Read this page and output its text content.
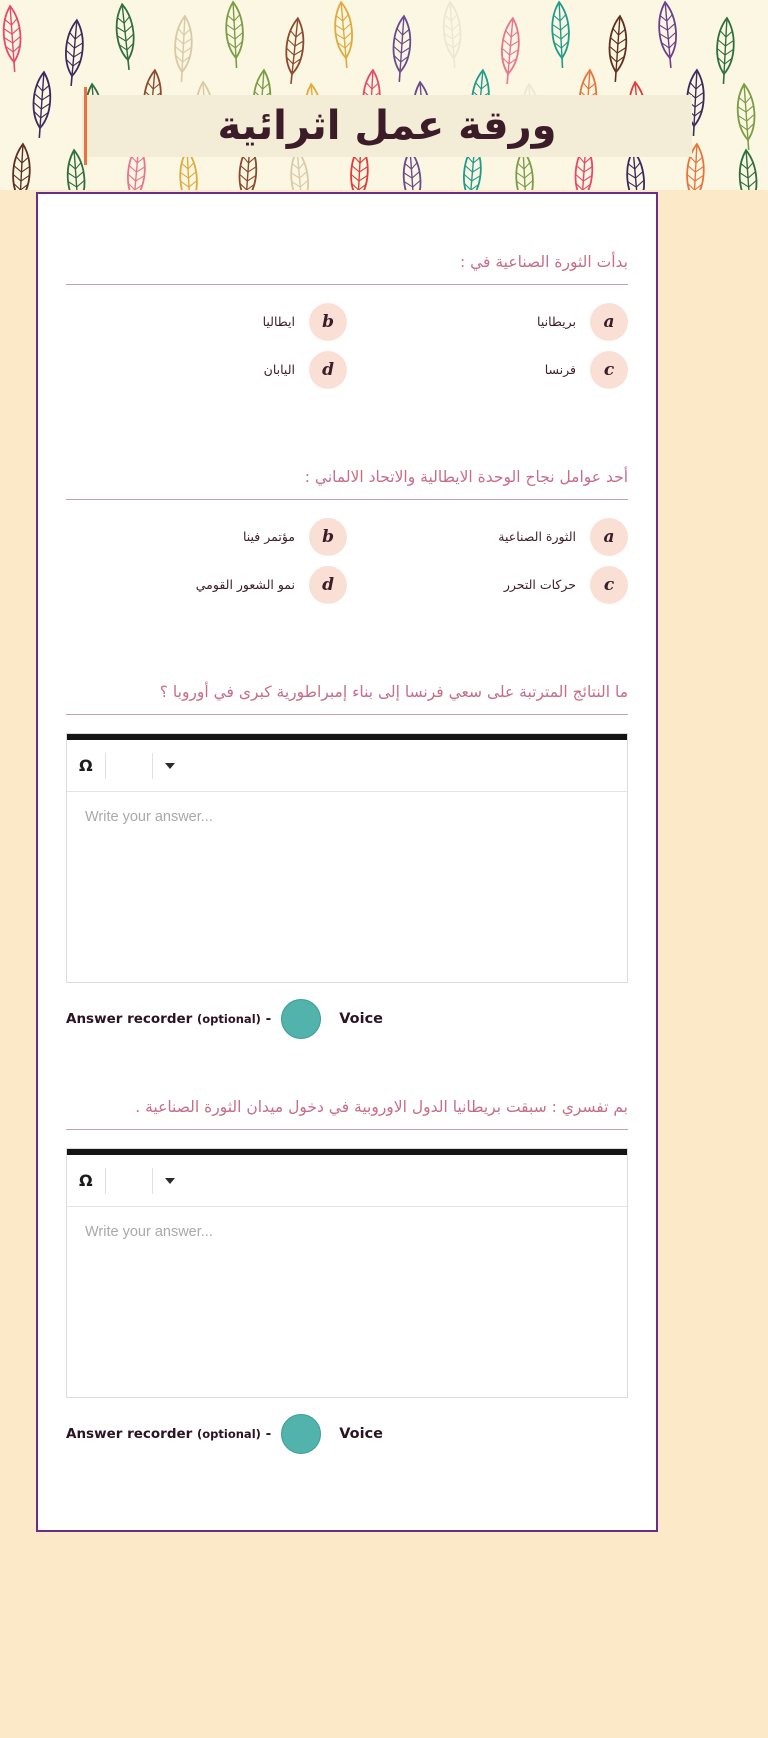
ورقة عمل اثرائية
بدأت الثورة الصناعية في :
a
بريطانيا
b
ايطاليا
c
فرنسا
d
اليابان
أحد عوامل نجاح الوحدة الايطالية والاتحاد الالماني :
a
الثورة الصناعية
b
مؤتمر فينا
c
حركات التحرر
d
نمو الشعور القومي
ما النتائج المترتبة على سعي فرنسا إلى بناء إمبراطورية كبرى في أوروبا ؟
Ω
Write your answer...
Answer recorder (optional) -	Voice
بم تفسري : سبقت بريطانيا الدول الاوروبية في دخول ميدان الثورة الصناعية .
Ω
Write your answer...
Answer recorder (optional) -	Voice
